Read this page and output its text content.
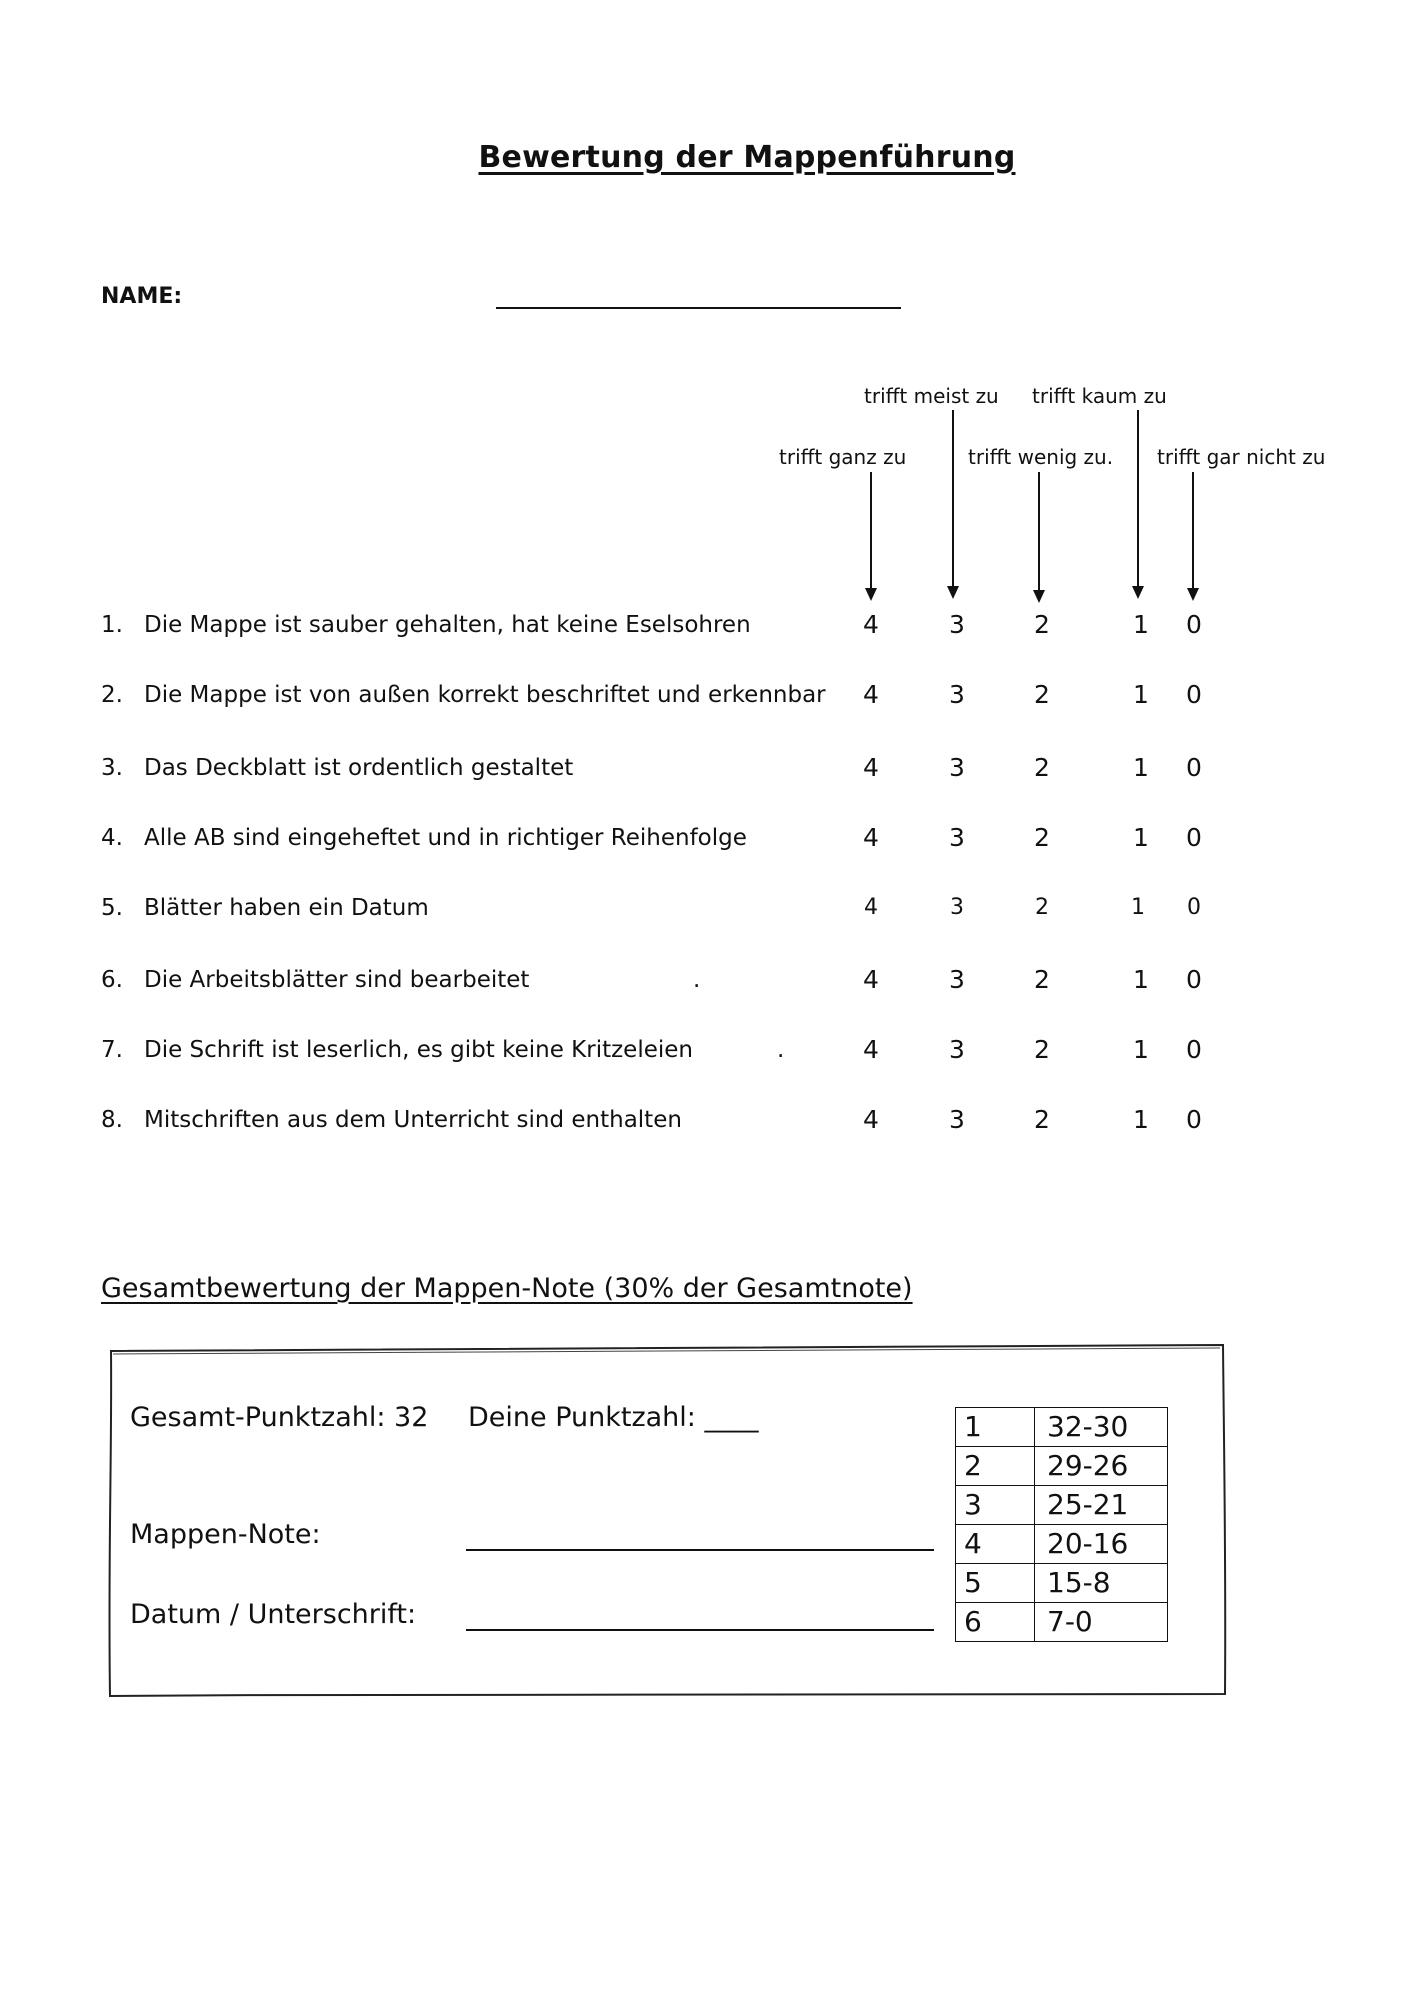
Bewertung der Mappenführung
NAME:
trifft meist zu trifft kaum zu
trifft ganz zu	trifft wenig zu. trifft gar nicht zu
1. Die Mappe ist sauber gehalten, hat keine Eselsohren	4	3	2	1 0
2. Die Mappe ist von außen korrekt beschriftet und erkennbar 4	3	2	1 0
3. Das Deckblatt ist ordentlich gestaltet	4	3	2	1 0
4. Alle AB sind eingeheftet und in richtiger Reihenfolge	4	3	2	1 0
5. Blätter haben ein Datum	4	3	2	1	0
6. Die Arbeitsblätter sind bearbeitet	.	4	3	2	1 0
7. Die Schrift ist leserlich, es gibt keine Kritzeleien	.	4	3	2	1 0
8. Mitschriften aus dem Unterricht sind enthalten	4	3	2	1 0
Gesamtbewertung der Mappen-Note (30% der Gesamtnote)
Gesamt-Punktzahl: 32 Deine Punktzahl: ____
Mappen-Note:
Datum / Unterschrift:
1	32-30
2	29-26
3	25-21
4	20-16
5	15-8
6	7-0
